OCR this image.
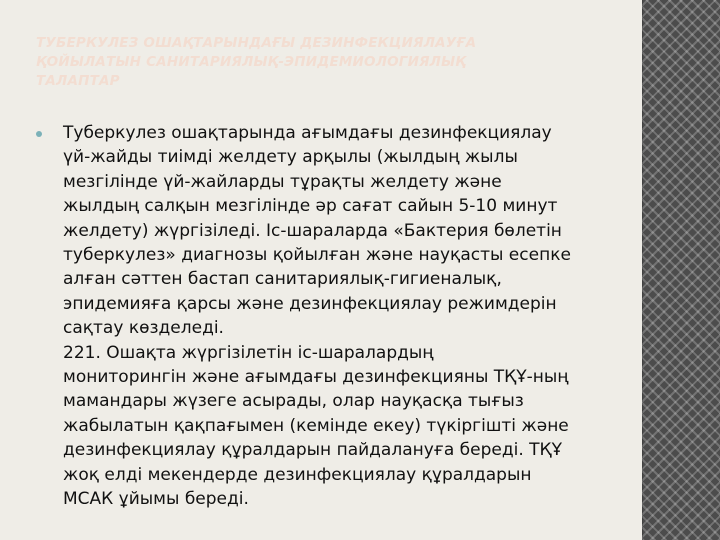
ТУБЕРКУЛЕЗ ОШАҚТАРЫНДАҒЫ ДЕЗИНФЕКЦИЯЛАУҒА
ҚОЙЫЛАТЫН САНИТАРИЯЛЫҚ-ЭПИДЕМИОЛОГИЯЛЫҚ
ТАЛАПТАР

Туберкулез ошақтарында ағымдағы дезинфекциялау
үй-жайды тиімді желдету арқылы (жылдың жылы
мезгілінде үй-жайларды тұрақты желдету және
жылдың салқын мезгілінде әр сағат сайын 5-10 минут
желдету) жүргізіледі. Іс-шараларда «Бактерия бөлетін
туберкулез» диагнозы қойылған және науқасты есепке
алған сәттен бастап санитариялық-гигиеналық,
эпидемияға қарсы және дезинфекциялау режимдерін
сақтау көзделеді.
221. Ошақта жүргізілетін іс-шаралардың
мониторингін және ағымдағы дезинфекцияны ТҚҰ-ның
мамандары жүзеге асырады, олар науқасқа тығыз
жабылатын қақпағымен (кемінде екеу) түкіргішті және
дезинфекциялау құралдарын пайдалануға береді. ТҚҰ
жоқ елді мекендерде дезинфекциялау құралдарын
МСАК ұйымы береді.
